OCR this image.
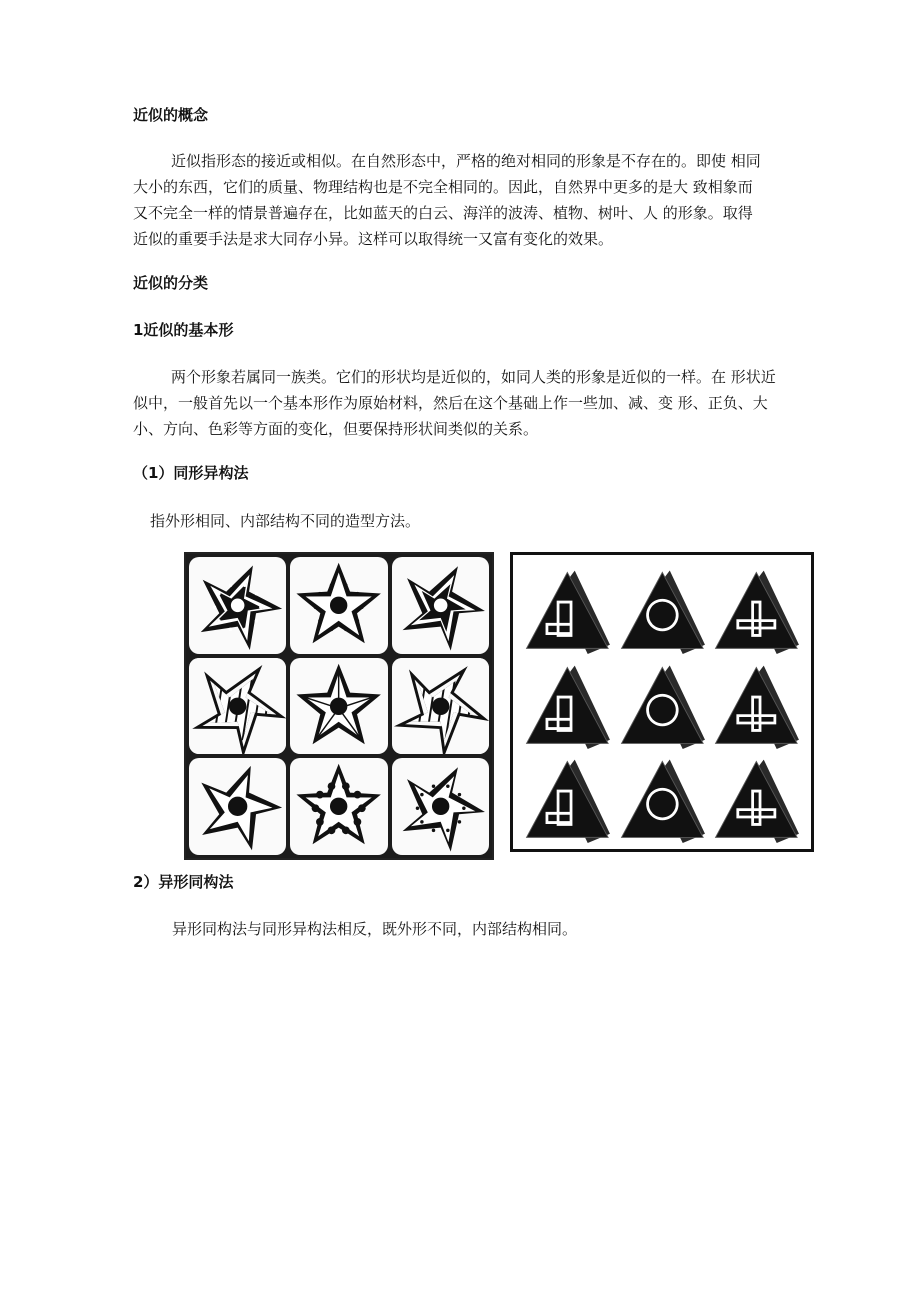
近似的概念
近似指形态的接近或相似。在自然形态中，严格的绝对相同的形象是不存在的。即使 相同
大小的东西，它们的质量、物理结构也是不完全相同的。因此，自然界中更多的是大 致相象而
又不完全一样的情景普遍存在，比如蓝天的白云、海洋的波涛、植物、树叶、人 的形象。取得
近似的重要手法是求大同存小异。这样可以取得统一又富有变化的效果。
近似的分类
1近似的基本形
两个形象若属同一族类。它们的形状均是近似的，如同人类的形象是近似的一样。在 形状近
似中，一般首先以一个基本形作为原始材料，然后在这个基础上作一些加、减、变 形、正负、大
小、方向、色彩等方面的变化，但要保持形状间类似的关系。
（1）同形异构法

指外形相同、内部结构不同的造型方法。

2）异形同构法

异形同构法与同形异构法相反，既外形不同，内部结构相同。
